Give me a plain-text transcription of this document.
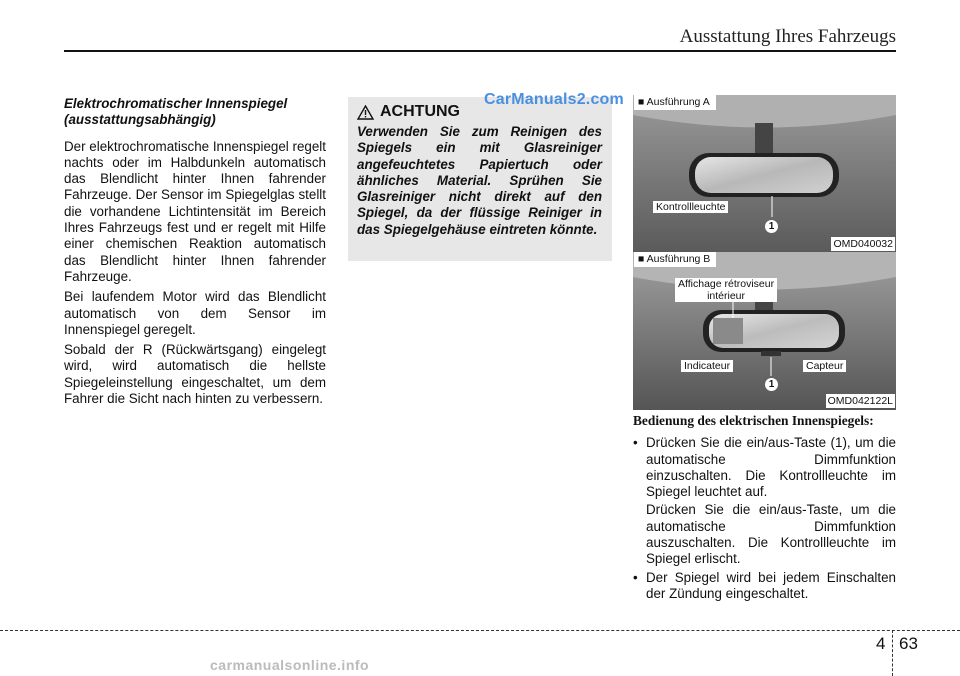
Ausstattung Ihres Fahrzeugs
Elektrochromatischer Innenspiegel (ausstattungsabhängig)

Der elektrochromatische Innenspiegel regelt nachts oder im Halbdunkeln automatisch das Blendlicht hinter Ihnen fahrender Fahrzeuge. Der Sensor im Spiegelglas stellt die vorhandene Lichtintensität im Bereich Ihres Fahrzeugs fest und er regelt mit Hilfe einer chemischen Reaktion automatisch das Blendlicht hinter Ihnen fahrender Fahrzeuge.

Bei laufendem Motor wird das Blendlicht automatisch von dem Sensor im Innenspiegel geregelt.

Sobald der R (Rückwärtsgang) eingelegt wird, wird automatisch die hellste Spiegeleinstellung eingeschaltet, um dem Fahrer die Sicht nach hinten zu verbessern.

ACHTUNG
Verwenden Sie zum Reinigen des Spiegels ein mit Glasreiniger angefeuchtetes Papiertuch oder ähnliches Material. Sprühen Sie Glasreiniger nicht direkt auf den Spiegel, da der flüssige Reiniger in das Spiegelgehäuse eintreten könnte.
CarManuals2.com	■ Ausführung A
Kontrollleuchte
1
OMD040032
■ Ausführung B
Affichage rétroviseur
intérieur
Indicateur	Capteur
1
OMD042122L
Bedienung des elektrischen Innenspiegels:
• Drücken Sie die ein/aus-Taste (1), um die automatische Dimmfunktion einzuschalten. Die Kontrollleuchte im Spiegel leuchtet auf.
Drücken Sie die ein/aus-Taste, um die automatische Dimmfunktion auszuschalten. Die Kontrollleuchte im Spiegel erlischt.
• Der Spiegel wird bei jedem Einschalten der Zündung eingeschaltet.
4 63
carmanualsonline.info
